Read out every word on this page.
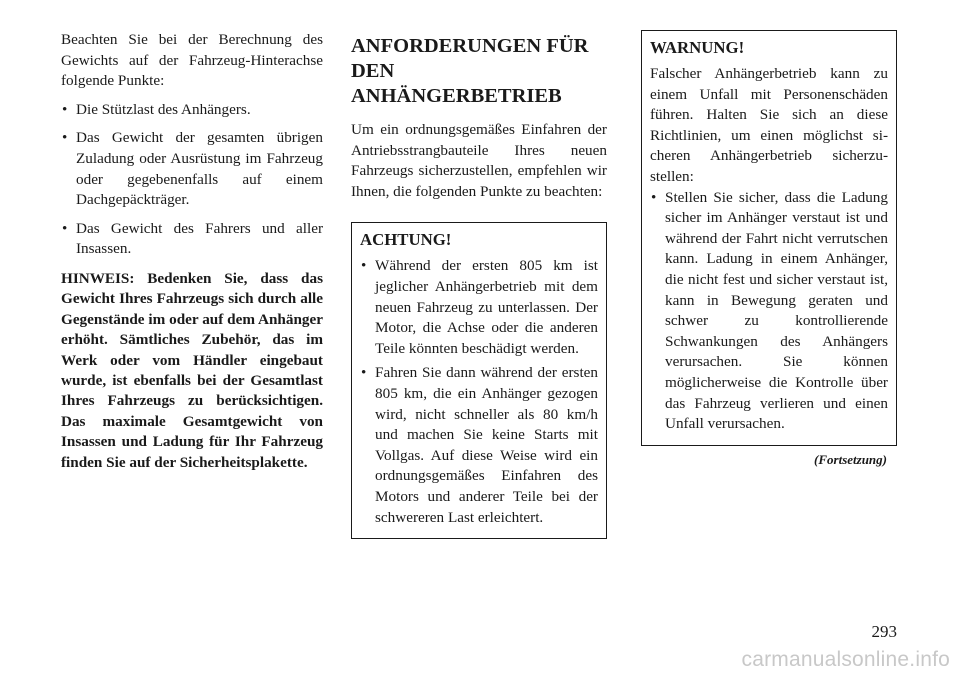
Beachten Sie bei der Berechnung des Gewichts auf der Fahrzeug-Hinterachse folgende Punkte:

• Die Stützlast des Anhängers.
• Das Gewicht der gesamten übrigen Zuladung oder Ausrüstung im Fahrzeug oder gegebenenfalls auf einem Dachgepäckträger.
• Das Gewicht des Fahrers und aller Insassen.

HINWEIS: Bedenken Sie, dass das Gewicht Ihres Fahrzeugs sich durch alle Gegenstände im oder auf dem Anhänger erhöht. Sämtliches Zubehör, das im Werk oder vom Händler eingebaut wurde, ist ebenfalls bei der Gesamtlast Ihres Fahrzeugs zu berücksichtigen. Das maximale Gesamtgewicht von Insassen und Ladung für Ihr Fahrzeug finden Sie auf der Sicherheitsplakette.

ANFORDERUNGEN FÜR
DEN ANHÄNGERBETRIEB

Um ein ordnungsgemäßes Einfahren der Antriebsstrangbauteile Ihres neuen Fahrzeugs sicherzustellen, empfehlen wir Ihnen, die folgenden Punkte zu beachten:

ACHTUNG!
• Während der ersten 805 km ist jeglicher Anhängerbetrieb mit dem neuen Fahrzeug zu unterlassen. Der Motor, die Achse oder die anderen Teile könnten beschädigt werden.
• Fahren Sie dann während der ersten 805 km, die ein Anhänger gezogen wird, nicht schneller als 80 km/h und machen Sie keine Starts mit Vollgas. Auf diese Weise wird ein ordnungsgemäßes Einfahren des Motors und anderer Teile bei der schwereren Last erleichtert.
WARNUNG!

Falscher Anhängerbetrieb kann zu einem Unfall mit Personenschäden führen. Halten Sie sich an diese Richtlinien, um einen möglichst sicheren Anhängerbetrieb sicherzustellen:

• Stellen Sie sicher, dass die Ladung sicher im Anhänger verstaut ist und während der Fahrt nicht verrutschen kann. Ladung in einem Anhänger, die nicht fest und sicher verstaut ist, kann in Bewegung geraten und schwer zu kontrollierende Schwankungen des Anhängers verursachen. Sie können möglicherweise die Kontrolle über das Fahrzeug verlieren und einen Unfall verursachen.

(Fortsetzung)

293
carmanualsonline.info
